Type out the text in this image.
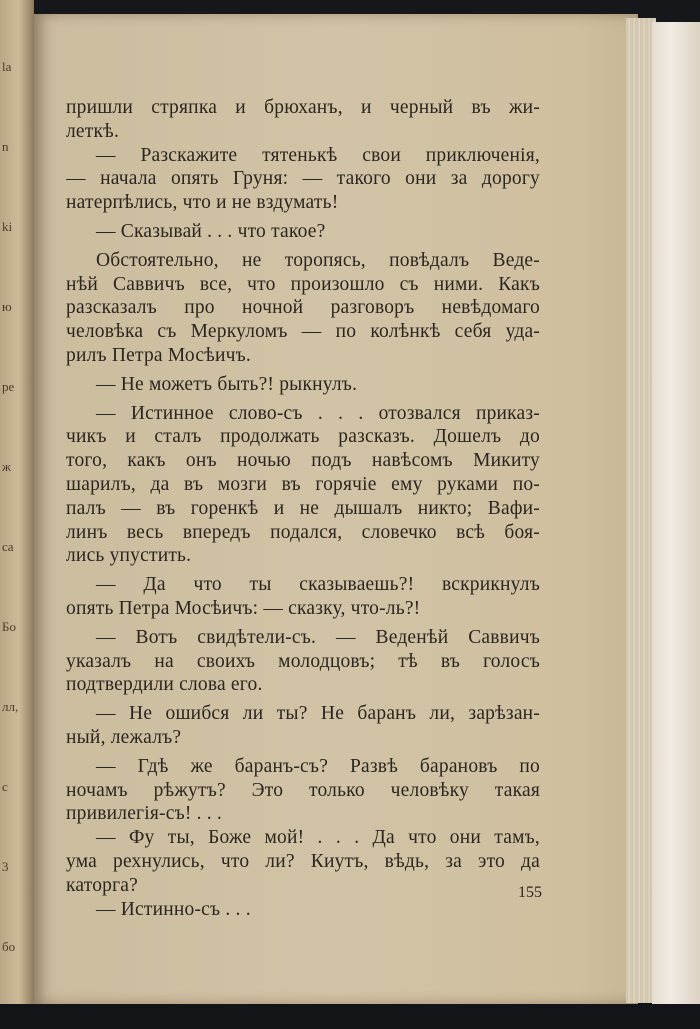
la
n
ki
ю
pe
ж
ca
Бо
лл,
c
3
бо
пришли стряпка и брюханъ, и черный въ жи-
леткѣ.
— Разскажите тятенькѣ свои приключенія,
— начала опять Груня: — такого они за дорогу
натерпѣлись, что и не вздумать!
— Сказывай . . . что такое?
Обстоятельно, не торопясь, повѣдалъ Веде-
нѣй Саввичъ все, что произошло съ ними. Какъ
разсказалъ про ночной разговоръ невѣдомаго
человѣка съ Меркуломъ — по колѣнкѣ себя уда-
рилъ Петра Мосѣичъ.
— Не можетъ быть?! рыкнулъ.
— Истинное слово-съ . . . отозвался приказ-
чикъ и сталъ продолжать разсказъ. Дошелъ до
того, какъ онъ ночью подъ навѣсомъ Микиту
шарилъ, да въ мозги въ горячіе ему руками по-
палъ — въ горенкѣ и не дышалъ никто; Вафи-
линъ весь впередъ подался, словечко всѣ боя-
лись упустить.
— Да что ты сказываешь?! вскрикнулъ
опять Петра Мосѣичъ: — сказку, что-ль?!
— Вотъ свидѣтели-съ. — Веденѣй Саввичъ
указалъ на своихъ молодцовъ; тѣ въ голосъ
подтвердили слова его.
— Не ошибся ли ты? Не баранъ ли, зарѣзан-
ный, лежалъ?
— Гдѣ же баранъ-съ? Развѣ барановъ по
ночамъ рѣжутъ? Это только человѣку такая
привилегія-съ! . . .
— Фу ты, Боже мой! . . . Да что они тамъ,
ума рехнулись, что ли? Киутъ, вѣдь, за это да
каторга?
— Истинно-съ . . .
155
